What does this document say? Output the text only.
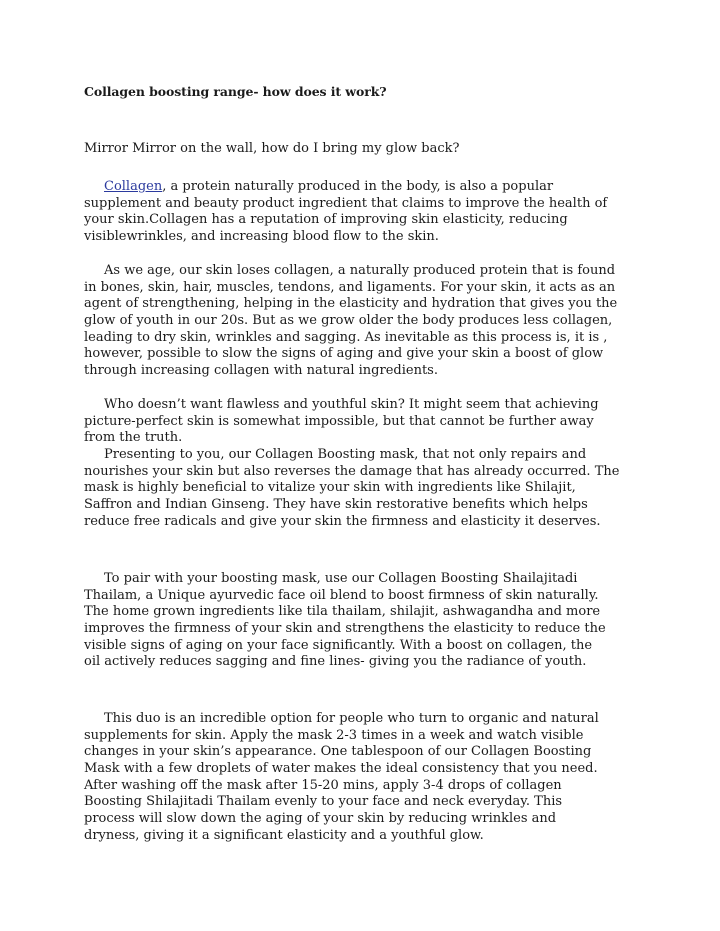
Collagen boosting range- how does it work?
Mirror Mirror on the wall, how do I bring my glow back?
Collagen, a protein naturally produced in the body, is also a popular
supplement and beauty product ingredient that claims to improve the health of
your skin.Collagen has a reputation of improving skin elasticity, reducing
visiblewrinkles, and increasing blood flow to the skin.
As we age, our skin loses collagen, a naturally produced protein that is found
in bones, skin, hair, muscles, tendons, and ligaments. For your skin, it acts as an
agent of strengthening, helping in the elasticity and hydration that gives you the
glow of youth in our 20s. But as we grow older the body produces less collagen,
leading to dry skin, wrinkles and sagging. As inevitable as this process is, it is ,
however, possible to slow the signs of aging and give your skin a boost of glow
through increasing collagen with natural ingredients.
Who doesn’t want flawless and youthful skin? It might seem that achieving
picture-perfect skin is somewhat impossible, but that cannot be further away
from the truth.
Presenting to you, our Collagen Boosting mask, that not only repairs and
nourishes your skin but also reverses the damage that has already occurred. The
mask is highly beneficial to vitalize your skin with ingredients like Shilajit,
Saffron and Indian Ginseng. They have skin restorative benefits which helps
reduce free radicals and give your skin the firmness and elasticity it deserves.
To pair with your boosting mask, use our Collagen Boosting Shailajitadi
Thailam, a Unique ayurvedic face oil blend to boost firmness of skin naturally.
The home grown ingredients like tila thailam, shilajit, ashwagandha and more
improves the firmness of your skin and strengthens the elasticity to reduce the
visible signs of aging on your face significantly. With a boost on collagen, the
oil actively reduces sagging and fine lines- giving you the radiance of youth.
This duo is an incredible option for people who turn to organic and natural
supplements for skin. Apply the mask 2-3 times in a week and watch visible
changes in your skin’s appearance. One tablespoon of our Collagen Boosting
Mask with a few droplets of water makes the ideal consistency that you need.
After washing off the mask after 15-20 mins, apply 3-4 drops of collagen
Boosting Shilajitadi Thailam evenly to your face and neck everyday. This
process will slow down the aging of your skin by reducing wrinkles and
dryness, giving it a significant elasticity and a youthful glow.
